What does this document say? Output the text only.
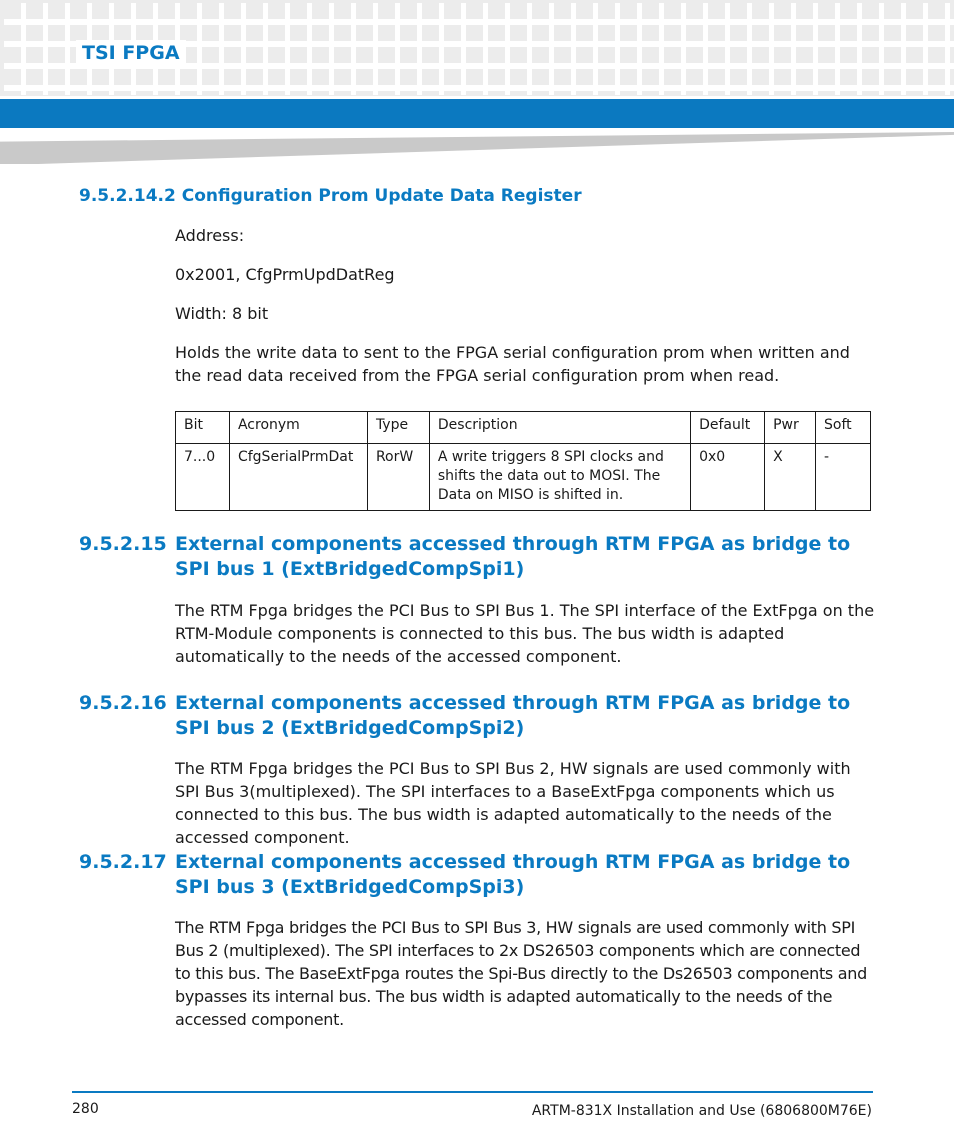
TSI FPGA
9.5.2.14.2 Configuration Prom Update Data Register

Address:

0x2001, CfgPrmUpdDatReg

Width: 8 bit

Holds the write data to sent to the FPGA serial configuration prom when written and the read data received from the FPGA serial configuration prom when read.

Bit	Acronym	Type	Description	Default	Pwr	Soft
7...0	CfgSerialPrmDat	RorW	A write triggers 8 SPI clocks and shifts the data out to MOSI. The Data on MISO is shifted in.	0x0	X	-
9.5.2.15 External components accessed through RTM FPGA as bridge to SPI bus 1 (ExtBridgedCompSpi1)

The RTM Fpga bridges the PCI Bus to SPI Bus 1. The SPI interface of the ExtFpga on the RTM-Module components is connected to this bus. The bus width is adapted automatically to the needs of the accessed component.

9.5.2.16 External components accessed through RTM FPGA as bridge to SPI bus 2 (ExtBridgedCompSpi2)

The RTM Fpga bridges the PCI Bus to SPI Bus 2, HW signals are used commonly with SPI Bus 3(multiplexed). The SPI interfaces to a BaseExtFpga components which us connected to this bus. The bus width is adapted automatically to the needs of the accessed component.

9.5.2.17 External components accessed through RTM FPGA as bridge to SPI bus 3 (ExtBridgedCompSpi3)

The RTM Fpga bridges the PCI Bus to SPI Bus 3, HW signals are used commonly with SPI Bus 2 (multiplexed). The SPI interfaces to 2x DS26503 components which are connected to this bus. The BaseExtFpga routes the Spi-Bus directly to the Ds26503 components and bypasses its internal bus. The bus width is adapted automatically to the needs of the accessed component.

280	ARTM-831X Installation and Use (6806800M76E)
